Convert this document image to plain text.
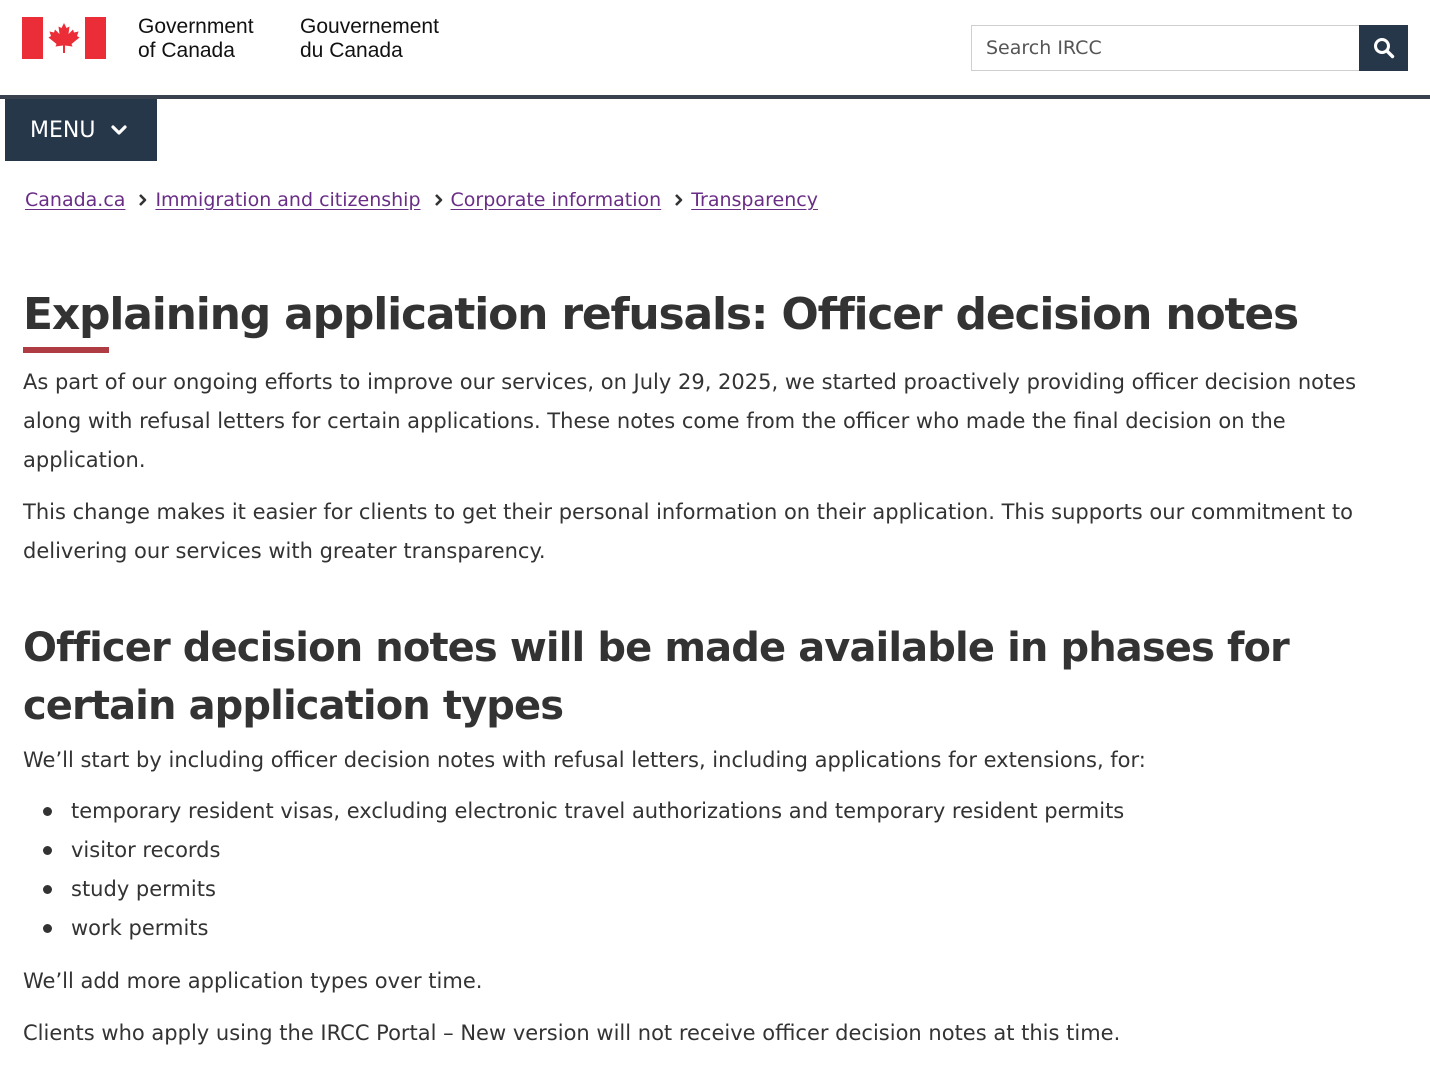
Government
of Canada
Gouvernement
du Canada
Search IRCC
MENU
Canada.ca Immigration and citizenship Corporate information Transparency
Explaining application refusals: Officer decision notes

As part of our ongoing efforts to improve our services, on July 29, 2025, we started proactively providing officer decision notes along with refusal letters for certain applications. These notes come from the officer who made the final decision on the application.

This change makes it easier for clients to get their personal information on their application. This supports our commitment to delivering our services with greater transparency.

Officer decision notes will be made available in phases for certain application types

We’ll start by including officer decision notes with refusal letters, including applications for extensions, for:

temporary resident visas, excluding electronic travel authorizations and temporary resident permits
visitor records
study permits
work permits

We’ll add more application types over time.

Clients who apply using the IRCC Portal – New version will not receive officer decision notes at this time.
